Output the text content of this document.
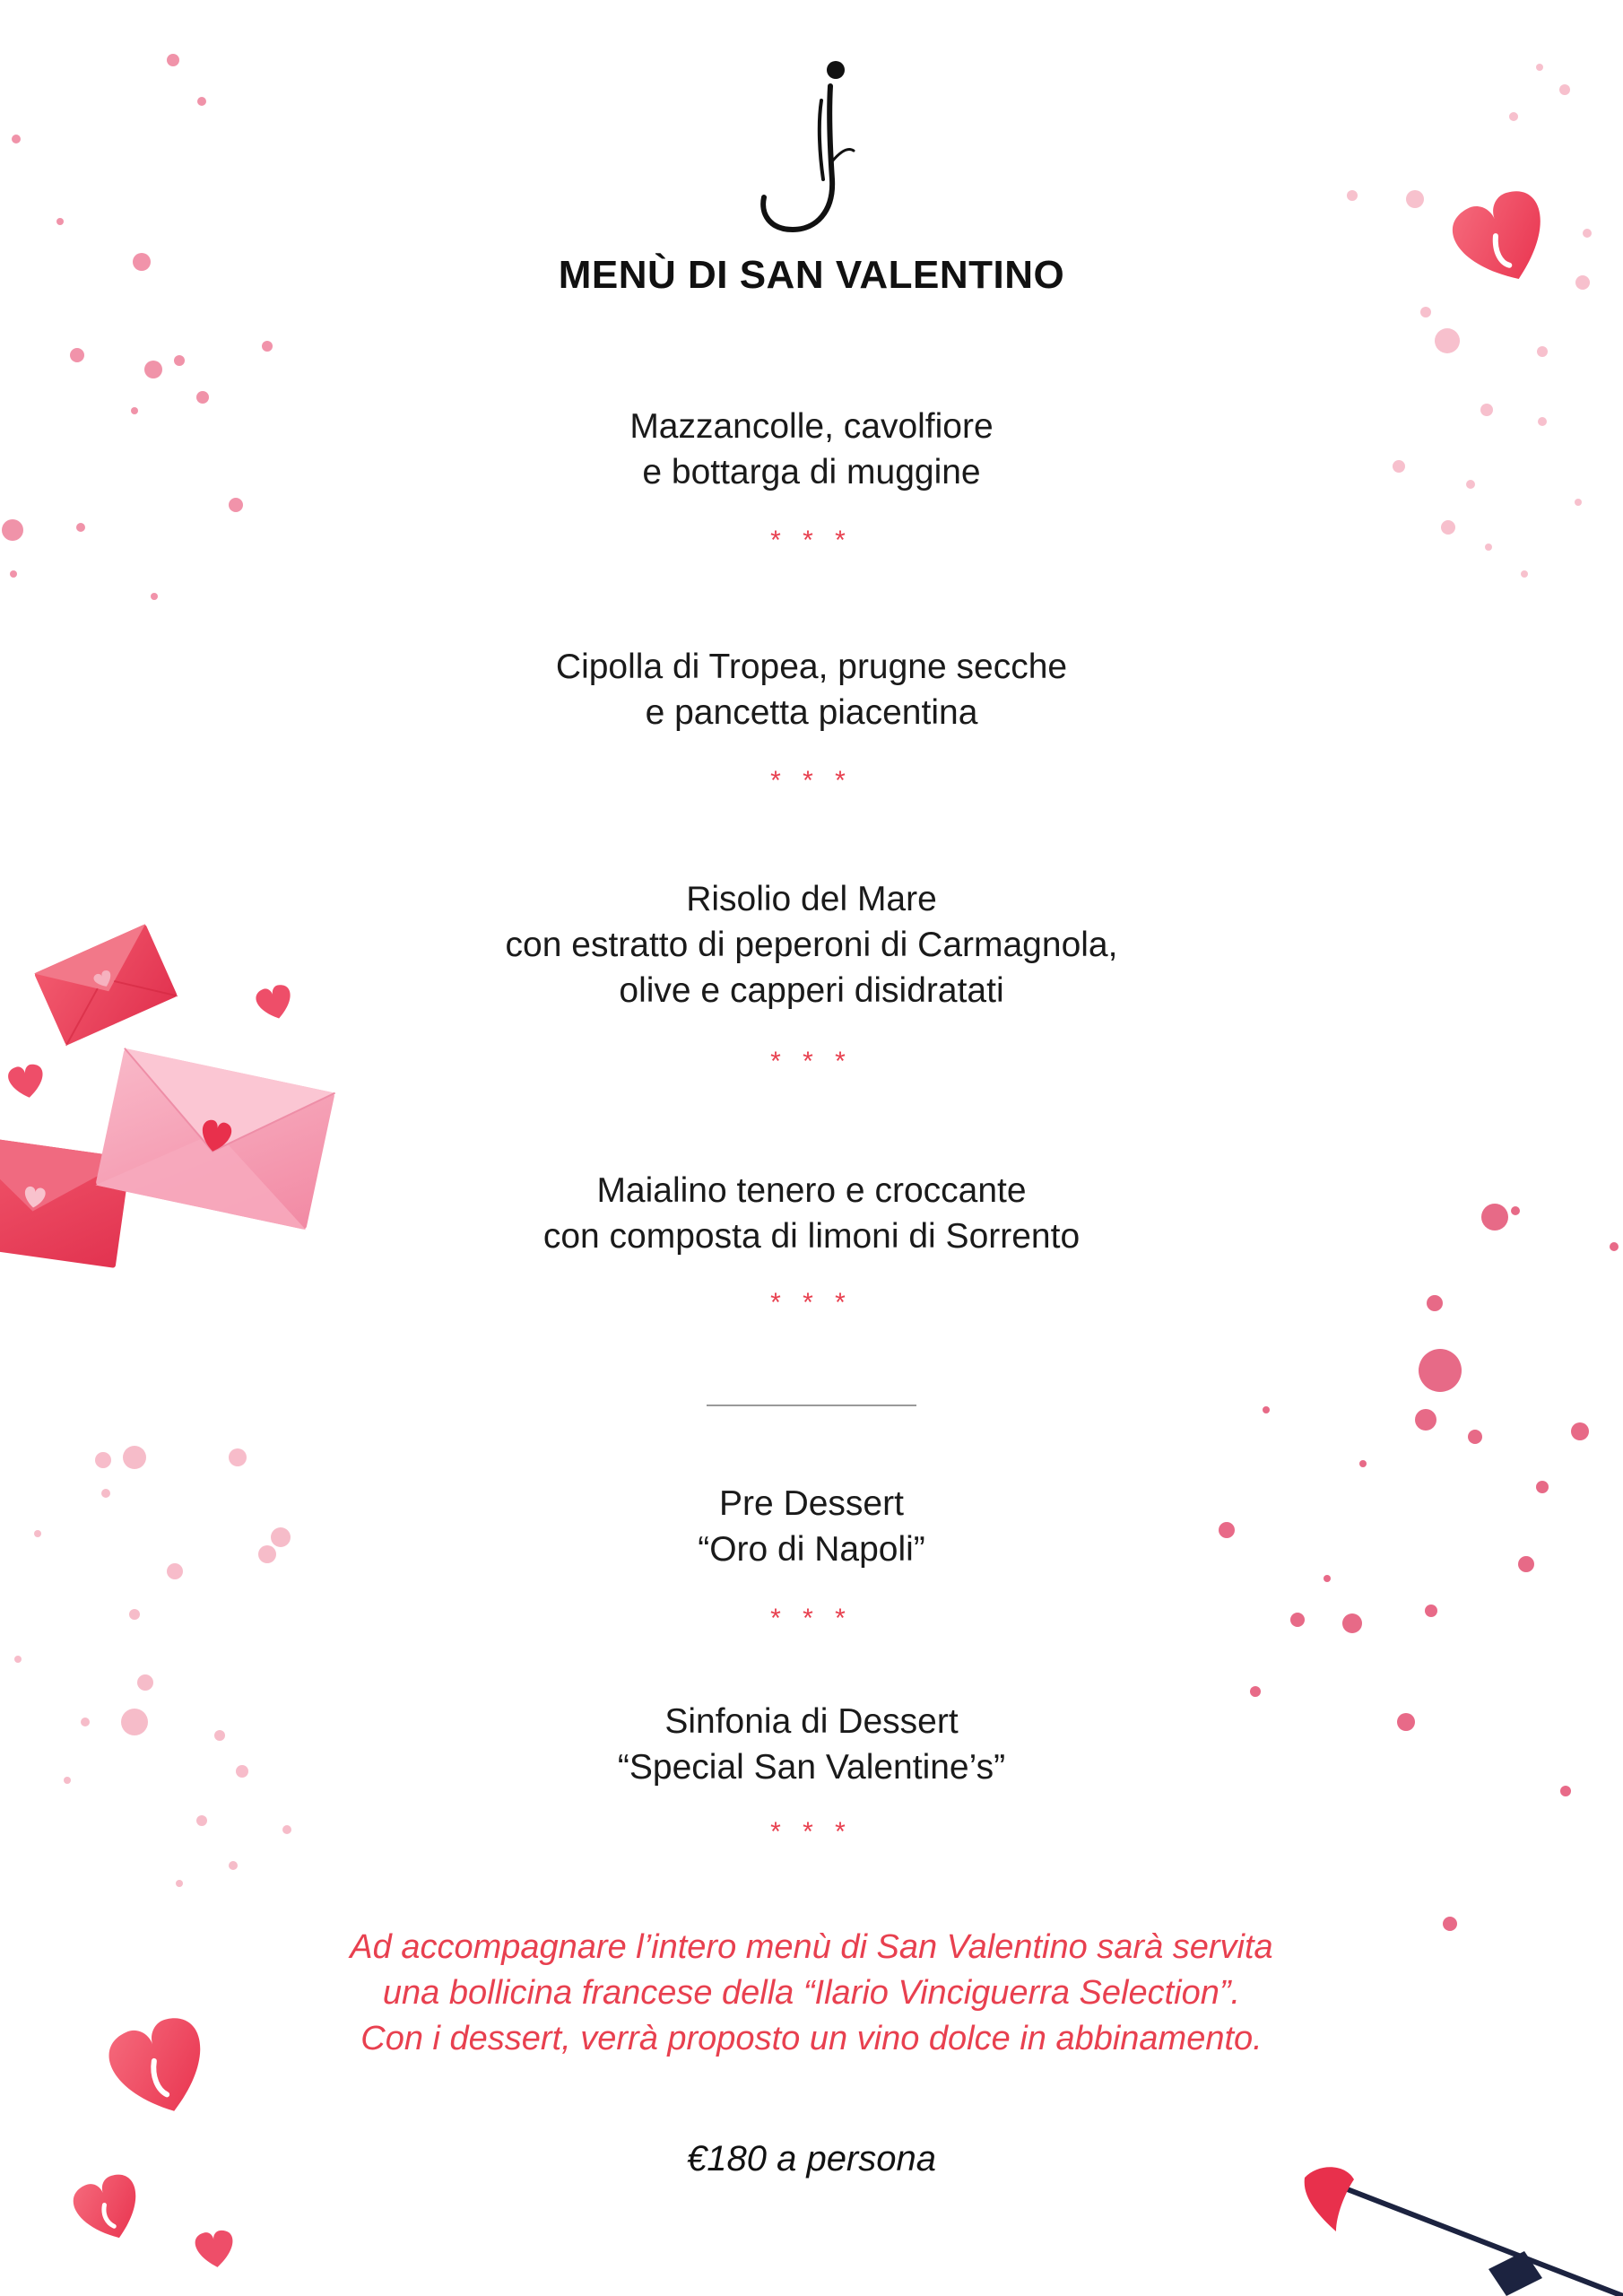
MENÙ DI SAN VALENTINO
Mazzancolle, cavolfiore
e bottarga di muggine
* * *
Cipolla di Tropea, prugne secche
e pancetta piacentina
* * *
Risolio del Mare
con estratto di peperoni di Carmagnola,
olive e capperi disidratati
* * *
Maialino tenero e croccante
con composta di limoni di Sorrento
* * *
Pre Dessert
“Oro di Napoli”
* * *
Sinfonia di Dessert
“Special San Valentine’s”
* * *
Ad accompagnare l’intero menù di San Valentino sarà servita
una bollicina francese della “Ilario Vinciguerra Selection”.
Con i dessert, verrà proposto un vino dolce in abbinamento.
€180 a persona
